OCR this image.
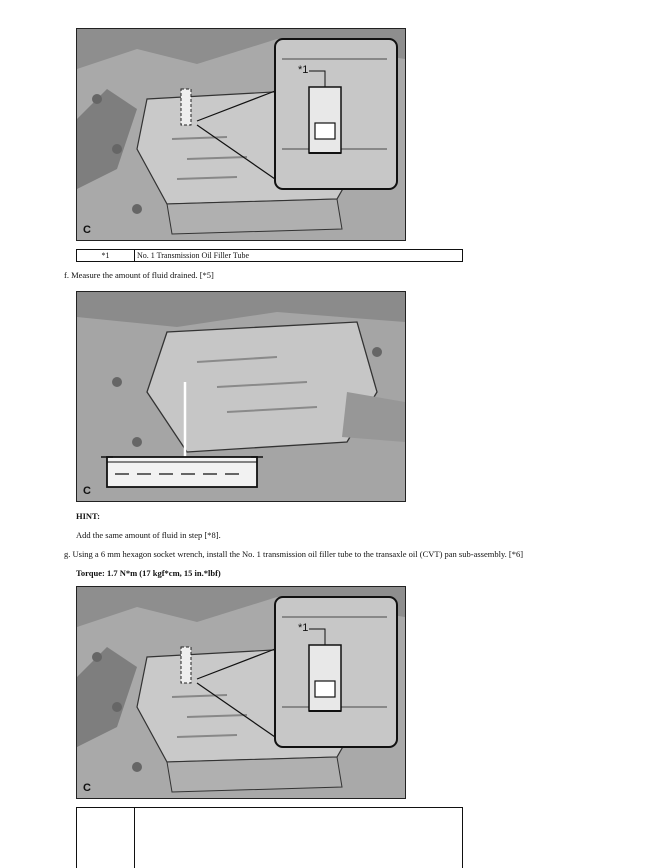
*1
C
*1	No. 1 Transmission Oil Filler Tube
f. Measure the amount of fluid drained. [*5]
C
HINT:
Add the same amount of fluid in step [*8].
g. Using a 6 mm hexagon socket wrench, install the No. 1 transmission oil filler tube to the transaxle oil (CVT) pan sub-assembly. [*6]
Torque: 1.7 N*m (17 kgf*cm, 15 in.*lbf)
*1
C
